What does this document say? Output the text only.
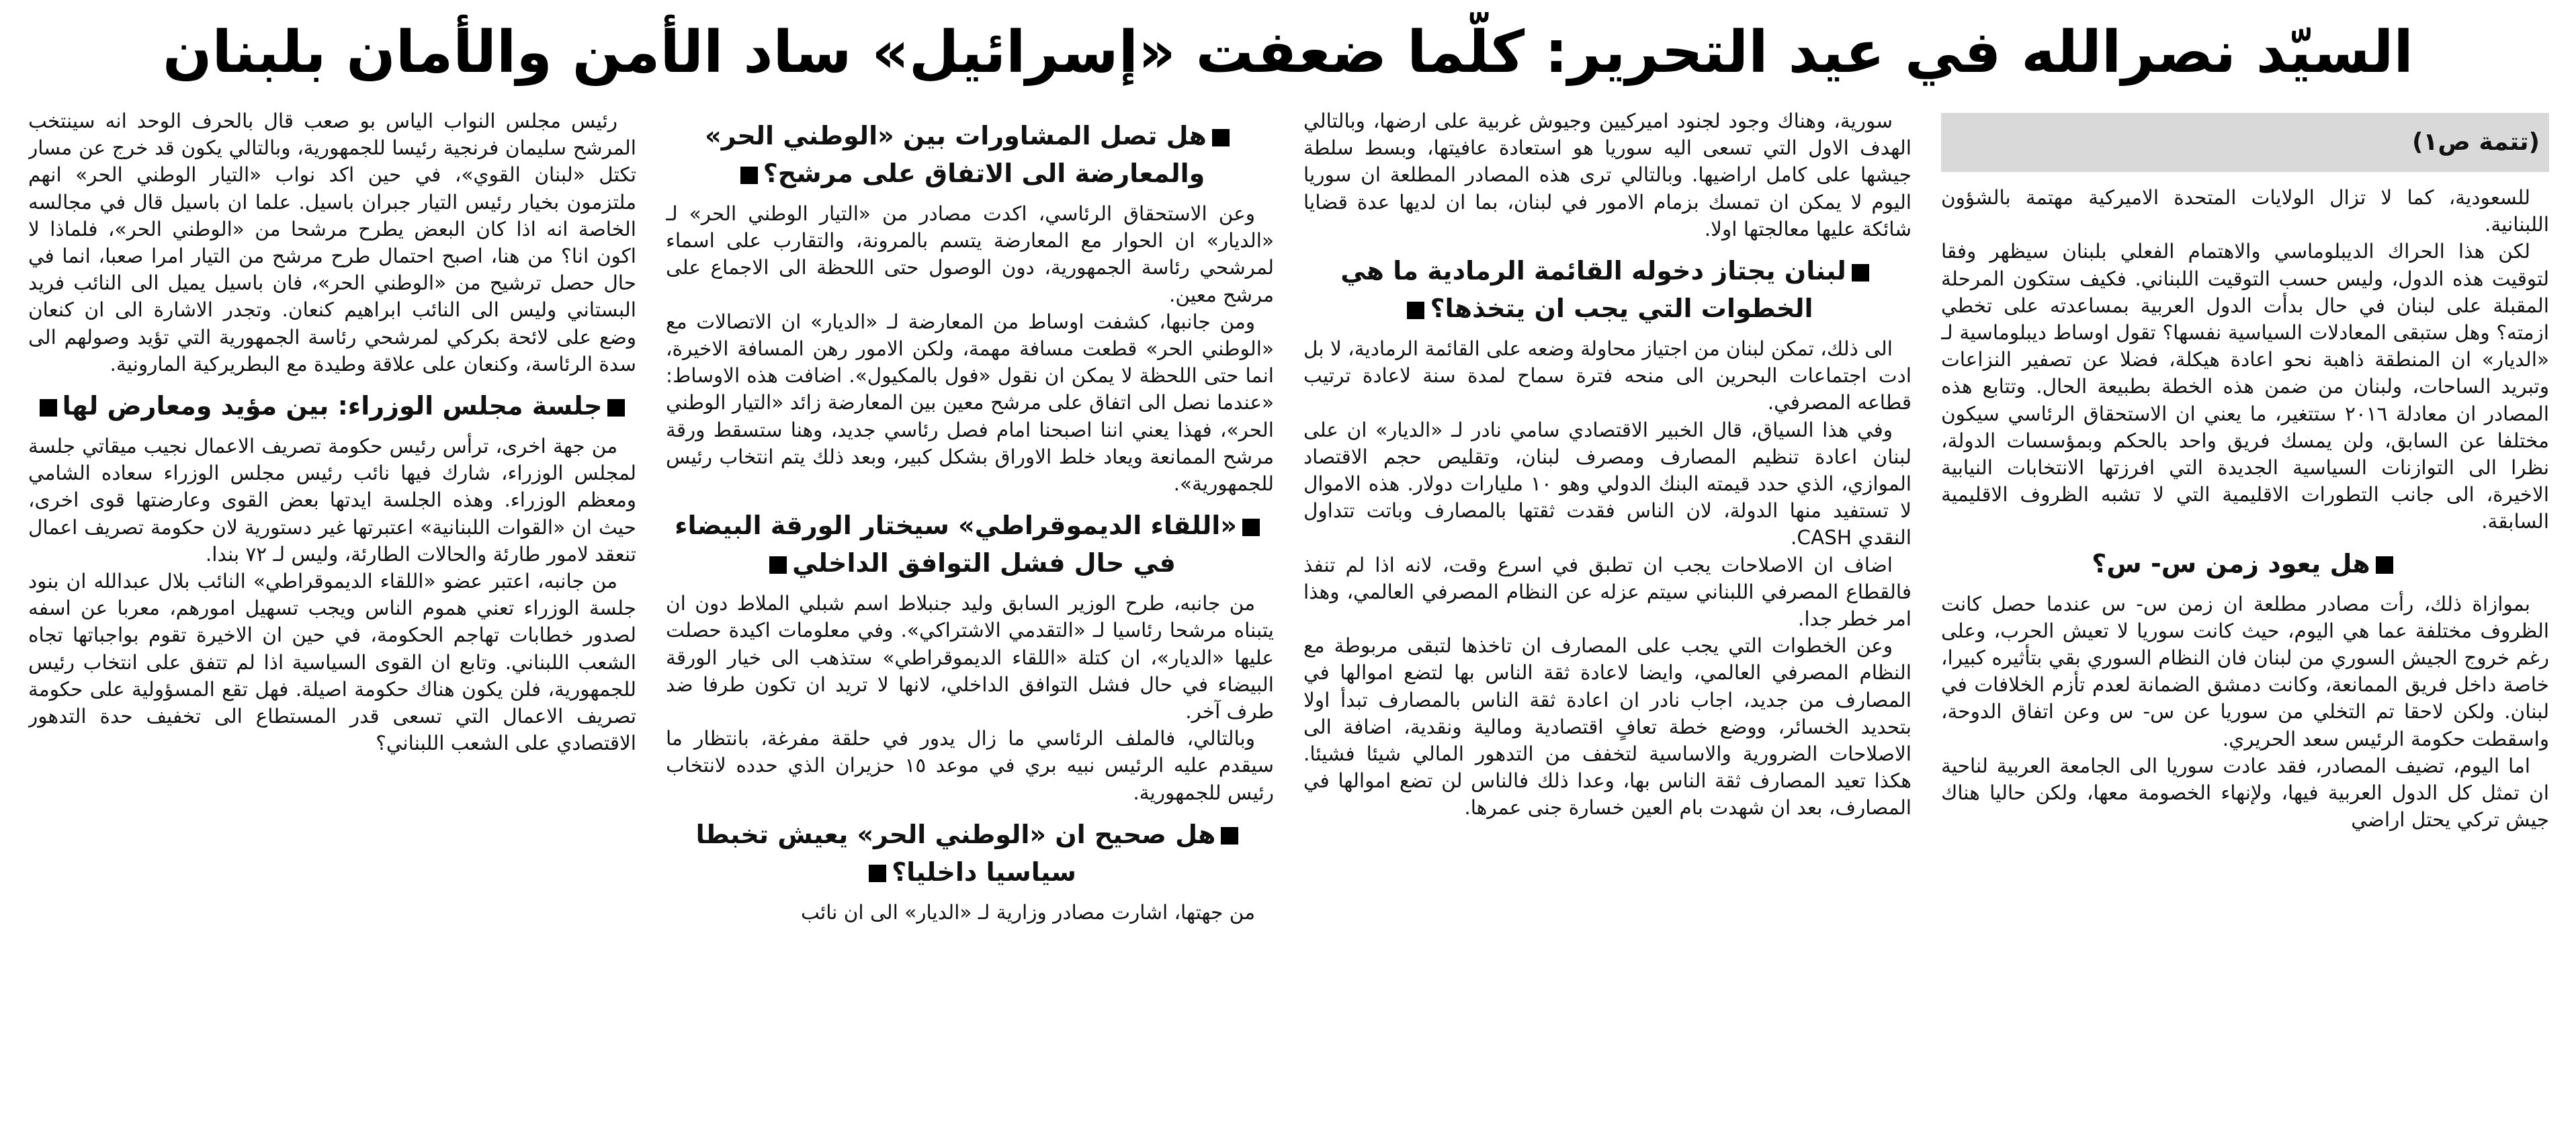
السيّد نصرالله في عيد التحرير: كلّما ضعفت «إسرائيل» ساد الأمن والأمان بلبنان
(تتمة ص١)

للسعودية، كما لا تزال الولايات المتحدة الاميركية مهتمة بالشؤون اللبنانية.

لكن هذا الحراك الديبلوماسي والاهتمام الفعلي بلبنان سيظهر وفقا لتوقيت هذه الدول، وليس حسب التوقيت اللبناني. فكيف ستكون المرحلة المقبلة على لبنان في حال بدأت الدول العربية بمساعدته على تخطي ازمته؟ وهل ستبقى المعادلات السياسية نفسها؟ تقول اوساط ديبلوماسية لـ «الديار» ان المنطقة ذاهبة نحو اعادة هيكلة، فضلا عن تصفير النزاعات وتبريد الساحات، ولبنان من ضمن هذه الخطة بطبيعة الحال. وتتابع هذه المصادر ان معادلة ٢٠١٦ ستتغير، ما يعني ان الاستحقاق الرئاسي سيكون مختلفا عن السابق، ولن يمسك فريق واحد بالحكم وبمؤسسات الدولة، نظرا الى التوازنات السياسية الجديدة التي افرزتها الانتخابات النيابية الاخيرة، الى جانب التطورات الاقليمية التي لا تشبه الظروف الاقليمية السابقة.

هل يعود زمن س- س؟

بموازاة ذلك، رأت مصادر مطلعة ان زمن س- س عندما حصل كانت الظروف مختلفة عما هي اليوم، حيث كانت سوريا لا تعيش الحرب، وعلى رغم خروج الجيش السوري من لبنان فان النظام السوري بقي بتأثيره كبيرا، خاصة داخل فريق الممانعة، وكانت دمشق الضمانة لعدم تأزم الخلافات في لبنان. ولكن لاحقا تم التخلي من سوريا عن س- س وعن اتفاق الدوحة، واسقطت حكومة الرئيس سعد الحريري.

اما اليوم، تضيف المصادر، فقد عادت سوريا الى الجامعة العربية لناحية ان تمثل كل الدول العربية فيها، ولإنهاء الخصومة معها، ولكن حاليا هناك جيش تركي يحتل اراضي

سورية، وهناك وجود لجنود اميركيين وجيوش غربية على ارضها، وبالتالي الهدف الاول التي تسعى اليه سوريا هو استعادة عافيتها، وبسط سلطة جيشها على كامل اراضيها. وبالتالي ترى هذه المصادر المطلعة ان سوريا اليوم لا يمكن ان تمسك بزمام الامور في لبنان، بما ان لديها عدة قضايا شائكة عليها معالجتها اولا.

لبنان يجتاز دخوله القائمة الرمادية ما هي الخطوات التي يجب ان يتخذها؟

الى ذلك، تمكن لبنان من اجتياز محاولة وضعه على القائمة الرمادية، لا بل ادت اجتماعات البحرين الى منحه فترة سماح لمدة سنة لاعادة ترتيب قطاعه المصرفي.

وفي هذا السياق، قال الخبير الاقتصادي سامي نادر لـ «الديار» ان على لبنان اعادة تنظيم المصارف ومصرف لبنان، وتقليص حجم الاقتصاد الموازي، الذي حدد قيمته البنك الدولي وهو ١٠ مليارات دولار. هذه الاموال لا تستفيد منها الدولة، لان الناس فقدت ثقتها بالمصارف وباتت تتداول النقدي CASH.

اضاف ان الاصلاحات يجب ان تطبق في اسرع وقت، لانه اذا لم تنفذ فالقطاع المصرفي اللبناني سيتم عزله عن النظام المصرفي العالمي، وهذا امر خطر جدا.

وعن الخطوات التي يجب على المصارف ان تاخذها لتبقى مربوطة مع النظام المصرفي العالمي، وايضا لاعادة ثقة الناس بها لتضع اموالها في المصارف من جديد، اجاب نادر ان اعادة ثقة الناس بالمصارف تبدأ اولا بتحديد الخسائر، ووضع خطة تعافٍ اقتصادية ومالية ونقدية، اضافة الى الاصلاحات الضرورية والاساسية لتخفف من التدهور المالي شيئا فشيئا. هكذا تعيد المصارف ثقة الناس بها، وعدا ذلك فالناس لن تضع اموالها في المصارف، بعد ان شهدت بام العين خسارة جنى عمرها.

هل تصل المشاورات بين «الوطني الحر» والمعارضة الى الاتفاق على مرشح؟

وعن الاستحقاق الرئاسي، اكدت مصادر من «التيار الوطني الحر» لـ «الديار» ان الحوار مع المعارضة يتسم بالمرونة، والتقارب على اسماء لمرشحي رئاسة الجمهورية، دون الوصول حتى اللحظة الى الاجماع على مرشح معين.

ومن جانبها، كشفت اوساط من المعارضة لـ «الديار» ان الاتصالات مع «الوطني الحر» قطعت مسافة مهمة، ولكن الامور رهن المسافة الاخيرة، انما حتى اللحظة لا يمكن ان نقول «فول بالمكيول». اضافت هذه الاوساط: «عندما نصل الى اتفاق على مرشح معين بين المعارضة زائد «التيار الوطني الحر»، فهذا يعني اننا اصبحنا امام فصل رئاسي جديد، وهنا ستسقط ورقة مرشح الممانعة ويعاد خلط الاوراق بشكل كبير، وبعد ذلك يتم انتخاب رئيس للجمهورية».

«اللقاء الديموقراطي» سيختار الورقة البيضاء في حال فشل التوافق الداخلي

من جانبه، طرح الوزير السابق وليد جنبلاط اسم شبلي الملاط دون ان يتبناه مرشحا رئاسيا لـ «التقدمي الاشتراكي». وفي معلومات اكيدة حصلت عليها «الديار»، ان كتلة «اللقاء الديموقراطي» ستذهب الى خيار الورقة البيضاء في حال فشل التوافق الداخلي، لانها لا تريد ان تكون طرفا ضد طرف آخر.

وبالتالي، فالملف الرئاسي ما زال يدور في حلقة مفرغة، بانتظار ما سيقدم عليه الرئيس نبيه بري في موعد ١٥ حزيران الذي حدده لانتخاب رئيس للجمهورية.

هل صحيح ان «الوطني الحر» يعيش تخبطا سياسيا داخليا؟

من جهتها، اشارت مصادر وزارية لـ «الديار» الى ان نائب

رئيس مجلس النواب الياس بو صعب قال بالحرف الوحد انه سينتخب المرشح سليمان فرنجية رئيسا للجمهورية، وبالتالي يكون قد خرج عن مسار تكتل «لبنان القوي»، في حين اكد نواب «التيار الوطني الحر» انهم ملتزمون بخيار رئيس التيار جبران باسيل. علما ان باسيل قال في مجالسه الخاصة انه اذا كان البعض يطرح مرشحا من «الوطني الحر»، فلماذا لا اكون انا؟ من هنا، اصبح احتمال طرح مرشح من التيار امرا صعبا، انما في حال حصل ترشيح من «الوطني الحر»، فان باسيل يميل الى النائب فريد البستاني وليس الى النائب ابراهيم كنعان. وتجدر الاشارة الى ان كنعان وضع على لائحة بكركي لمرشحي رئاسة الجمهورية التي تؤيد وصولهم الى سدة الرئاسة، وكنعان على علاقة وطيدة مع البطريركية المارونية.

جلسة مجلس الوزراء: بين مؤيد ومعارض لها

من جهة اخرى، ترأس رئيس حكومة تصريف الاعمال نجيب ميقاتي جلسة لمجلس الوزراء، شارك فيها نائب رئيس مجلس الوزراء سعاده الشامي ومعظم الوزراء. وهذه الجلسة ايدتها بعض القوى وعارضتها قوى اخرى، حيث ان «القوات اللبنانية» اعتبرتها غير دستورية لان حكومة تصريف اعمال تنعقد لامور طارئة والحالات الطارئة، وليس لـ ٧٢ بندا.

من جانبه، اعتبر عضو «اللقاء الديموقراطي» النائب بلال عبدالله ان بنود جلسة الوزراء تعني هموم الناس ويجب تسهيل امورهم، معربا عن اسفه لصدور خطابات تهاجم الحكومة، في حين ان الاخيرة تقوم بواجباتها تجاه الشعب اللبناني. وتابع ان القوى السياسية اذا لم تتفق على انتخاب رئيس للجمهورية، فلن يكون هناك حكومة اصيلة. فهل تقع المسؤولية على حكومة تصريف الاعمال التي تسعى قدر المستطاع الى تخفيف حدة التدهور الاقتصادي على الشعب اللبناني؟
